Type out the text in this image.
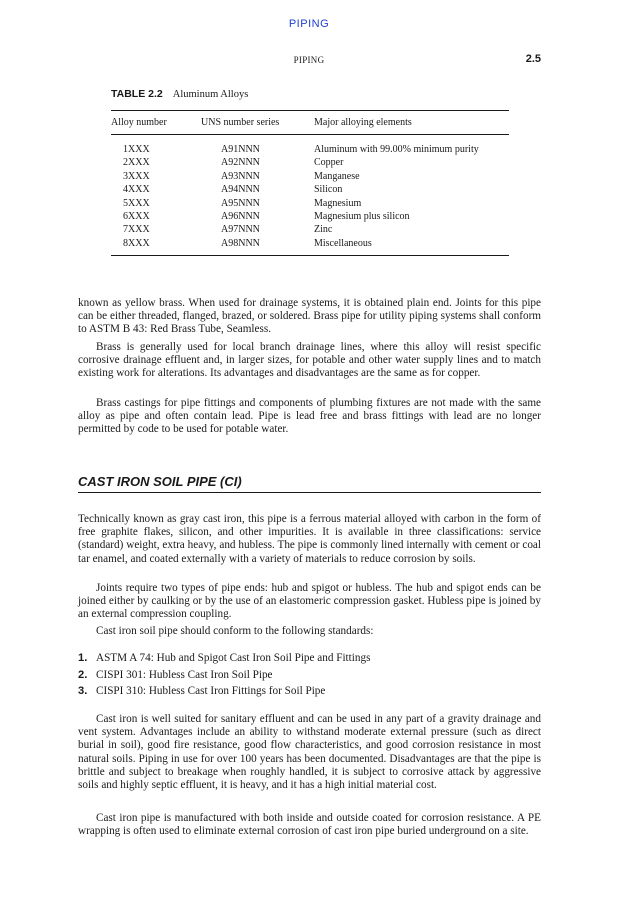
PIPING
PIPING	2.5
TABLE 2.2 Aluminum Alloys
Alloy number	UNS number series	Major alloying elements
1XXX	A91NNN	Aluminum with 99.00% minimum purity
2XXX	A92NNN	Copper
3XXX	A93NNN	Manganese
4XXX	A94NNN	Silicon
5XXX	A95NNN	Magnesium
6XXX	A96NNN	Magnesium plus silicon
7XXX	A97NNN	Zinc
8XXX	A98NNN	Miscellaneous

known as yellow brass. When used for drainage systems, it is obtained plain end. Joints for this pipe can be either threaded, flanged, brazed, or soldered. Brass pipe for utility piping systems shall conform to ASTM B 43: Red Brass Tube, Seamless.

Brass is generally used for local branch drainage lines, where this alloy will resist specific corrosive drainage effluent and, in larger sizes, for potable and other water supply lines and to match existing work for alterations. Its advantages and disadvantages are the same as for copper.

Brass castings for pipe fittings and components of plumbing fixtures are not made with the same alloy as pipe and often contain lead. Pipe is lead free and brass fittings with lead are no longer permitted by code to be used for potable water.

CAST IRON SOIL PIPE (CI)

Technically known as gray cast iron, this pipe is a ferrous material alloyed with carbon in the form of free graphite flakes, silicon, and other impurities. It is available in three classifications: service (standard) weight, extra heavy, and hubless. The pipe is commonly lined internally with cement or coal tar enamel, and coated externally with a variety of materials to reduce corrosion by soils.

Joints require two types of pipe ends: hub and spigot or hubless. The hub and spigot ends can be joined either by caulking or by the use of an elastomeric compression gasket. Hubless pipe is joined by an external compression coupling.

Cast iron soil pipe should conform to the following standards:

1. ASTM A 74: Hub and Spigot Cast Iron Soil Pipe and Fittings
2. CISPI 301: Hubless Cast Iron Soil Pipe
3. CISPI 310: Hubless Cast Iron Fittings for Soil Pipe

Cast iron is well suited for sanitary effluent and can be used in any part of a gravity drainage and vent system. Advantages include an ability to withstand moderate external pressure (such as direct burial in soil), good fire resistance, good flow characteristics, and good corrosion resistance in most natural soils. Piping in use for over 100 years has been documented. Disadvantages are that the pipe is brittle and subject to breakage when roughly handled, it is subject to corrosive attack by aggressive soils and highly septic effluent, it is heavy, and it has a high initial material cost.

Cast iron pipe is manufactured with both inside and outside coated for corrosion resistance. A PE wrapping is often used to eliminate external corrosion of cast iron pipe buried underground on a site.
